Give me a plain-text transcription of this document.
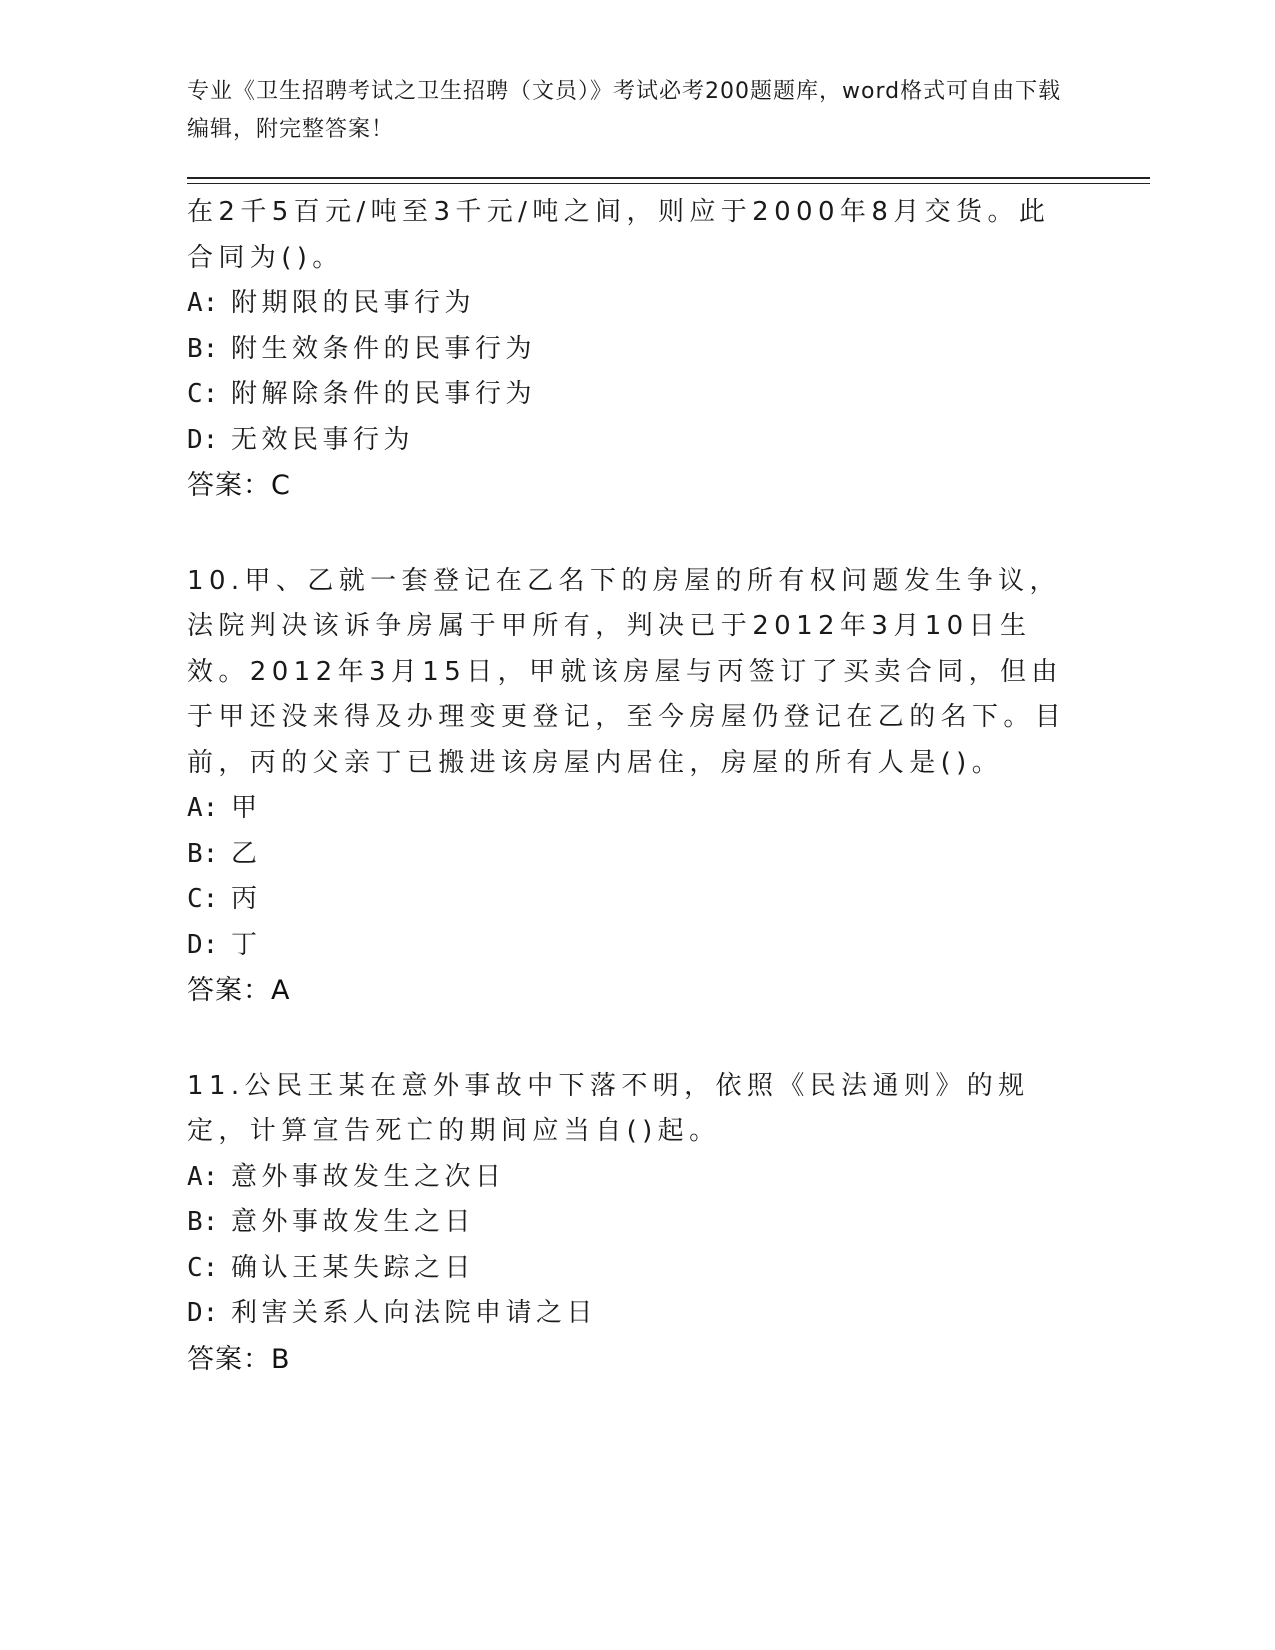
专业《卫生招聘考试之卫生招聘（文员）》考试必考200题题库，word格式可自由下载编辑，附完整答案！

在2千5百元/吨至3千元/吨之间，则应于2000年8月交货。此合同为()。

A: 附期限的民事行为

B: 附生效条件的民事行为

C: 附解除条件的民事行为

D: 无效民事行为

答案：C

10.甲、乙就一套登记在乙名下的房屋的所有权问题发生争议，法院判决该诉争房属于甲所有，判决已于2012年3月10日生效。2012年3月15日，甲就该房屋与丙签订了买卖合同，但由于甲还没来得及办理变更登记，至今房屋仍登记在乙的名下。目前，丙的父亲丁已搬进该房屋内居住，房屋的所有人是()。

A: 甲

B: 乙

C: 丙

D: 丁

答案：A

11.公民王某在意外事故中下落不明，依照《民法通则》的规定，计算宣告死亡的期间应当自()起。

A: 意外事故发生之次日

B: 意外事故发生之日

C: 确认王某失踪之日

D: 利害关系人向法院申请之日

答案：B
